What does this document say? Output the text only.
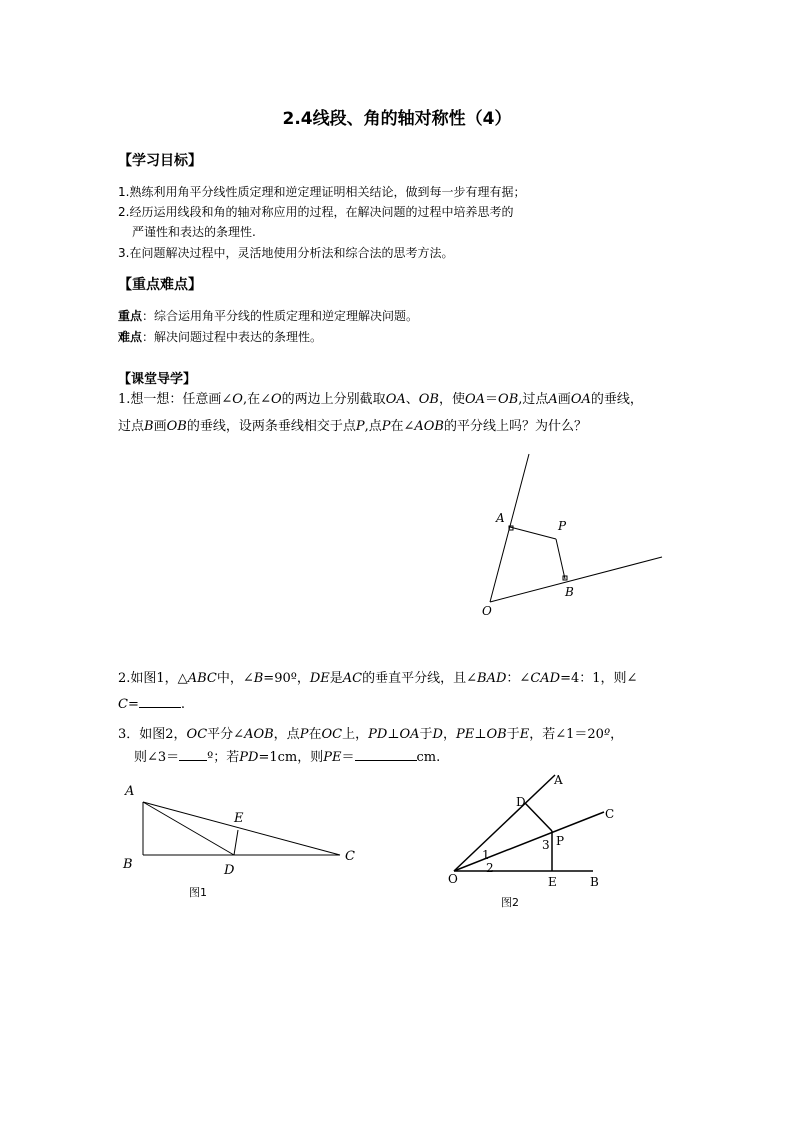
2.4线段、角的轴对称性（4）
【学习目标】
1.熟练利用角平分线性质定理和逆定理证明相关结论，做到每一步有理有据；
2.经历运用线段和角的轴对称应用的过程，在解决问题的过程中培养思考的
严谨性和表达的条理性.
3.在问题解决过程中，灵活地使用分析法和综合法的思考方法。
【重点难点】
重点：综合运用角平分线的性质定理和逆定理解决问题。
难点：解决问题过程中表达的条理性。
【课堂导学】
1.想一想：任意画∠O,在∠O的两边上分别截取OA、OB，使OA＝OB,过点A画OA的垂线，
过点B画OB的垂线，设两条垂线相交于点P,点P在∠AOB的平分线上吗？为什么？
A
P
O
B
2.如图1，△ABC中，∠B=90º，DE是AC的垂直平分线，且∠BAD：∠CAD=4：1，则∠
C=	.
3．如图2，OC平分∠AOB，点P在OC上，PD⊥OA于D，PE⊥OB于E，若∠1＝20º，
则∠3＝ º；若PD=1cm，则PE＝	cm.
A
E
B	D
C
图1
A
D
C
P
3
1
2
O	E	B
图2
